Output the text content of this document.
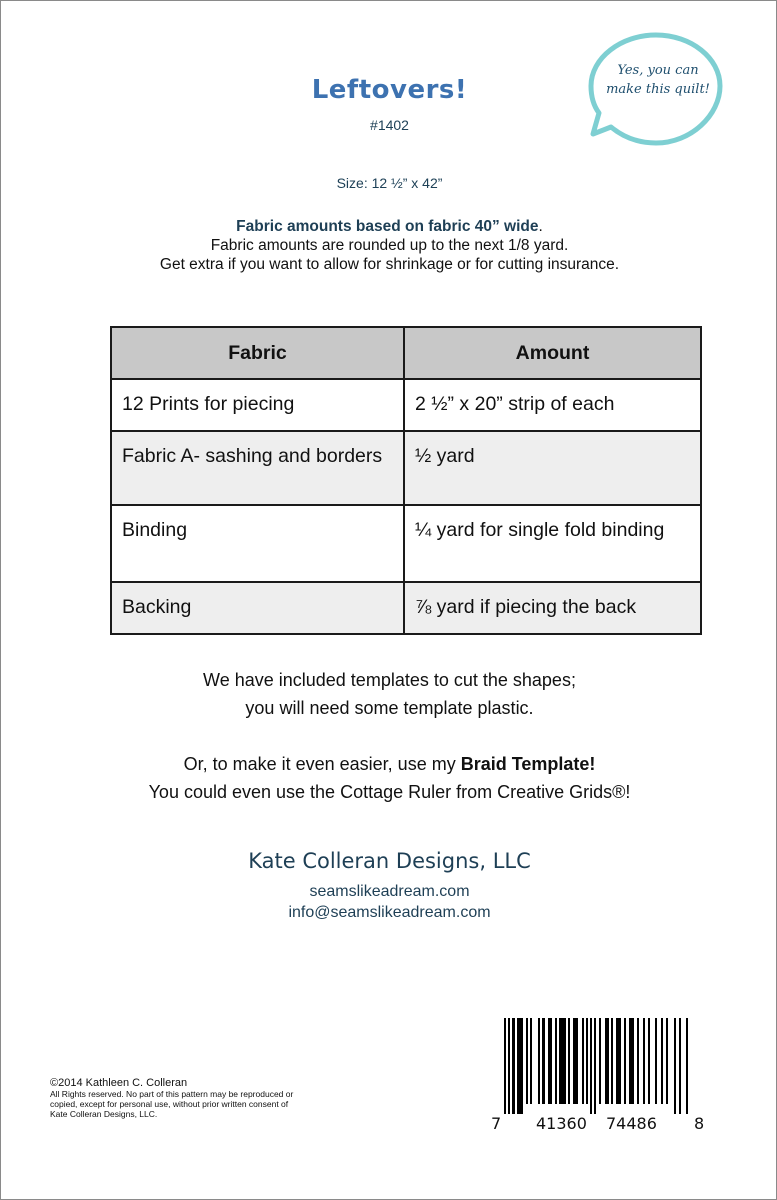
Leftovers!
#1402
Yes, you can
make this quilt!
Size: 12 ½” x 42”
Fabric amounts based on fabric 40” wide.
Fabric amounts are rounded up to the next 1/8 yard.
Get extra if you want to allow for shrinkage or for cutting insurance.
Fabric	Amount
12 Prints for piecing	2 ½” x 20” strip of each
Fabric A- sashing and borders	½ yard
Binding	¼ yard for single fold binding
Backing	⅞ yard if piecing the back

We have included templates to cut the shapes;
you will need some template plastic.

Or, to make it even easier, use my Braid Template!
You could even use the Cottage Ruler from Creative Grids®!

Kate Colleran Designs, LLC
seamslikeadream.com
info@seamslikeadream.com
©2014 Kathleen C. Colleran
All Rights reserved. No part of this pattern may be reproduced or
copied, except for personal use, without prior written consent of
Kate Colleran Designs, LLC.	7 41360 74486 8
